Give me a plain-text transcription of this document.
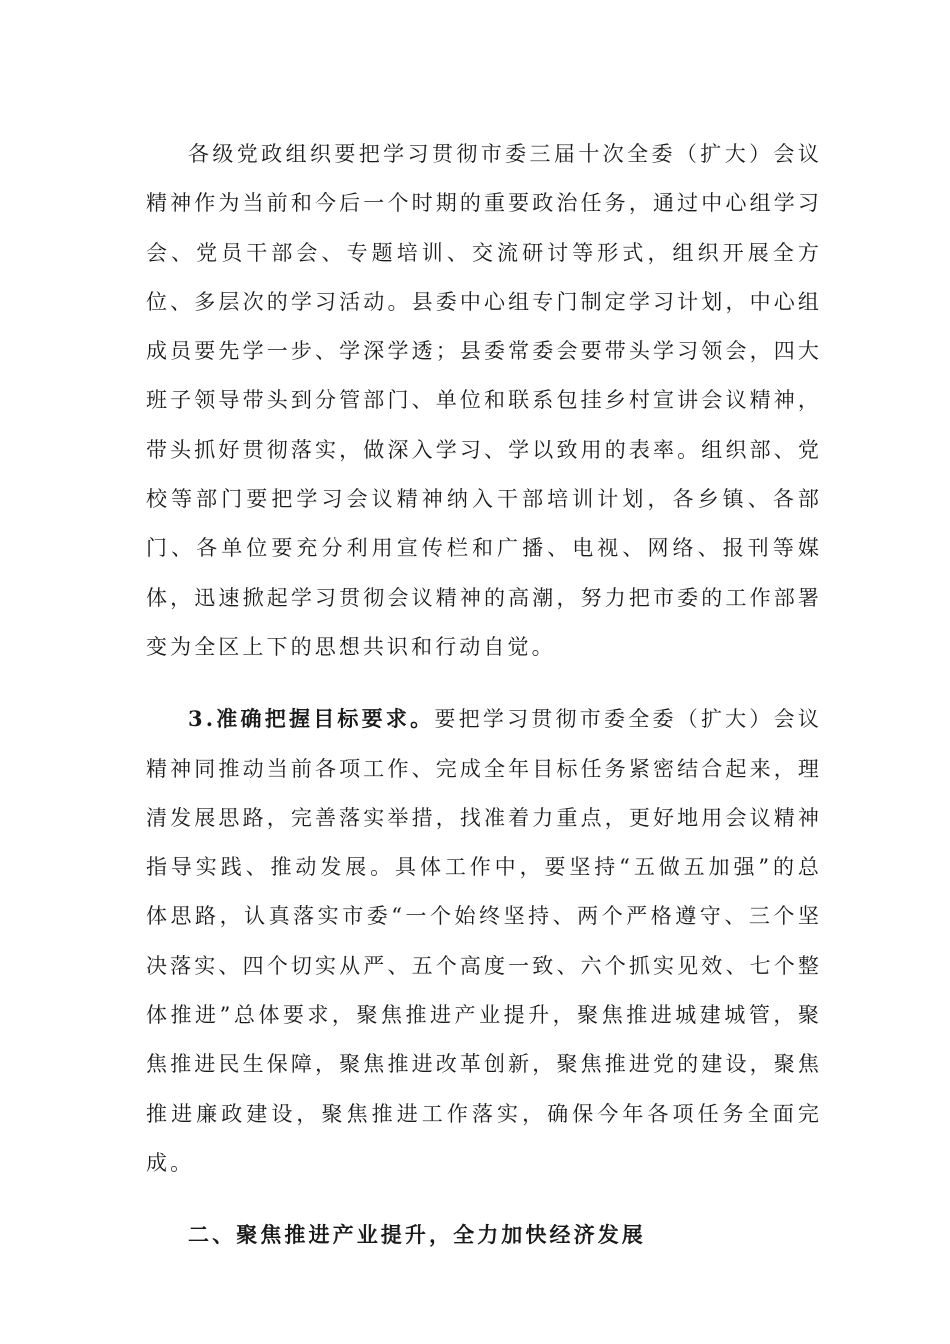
各级党政组织要把学习贯彻市委三届十次全委（扩大）会议精神作为当前和今后一个时期的重要政治任务，通过中心组学习会、党员干部会、专题培训、交流研讨等形式，组织开展全方位、多层次的学习活动。县委中心组专门制定学习计划，中心组成员要先学一步、学深学透；县委常委会要带头学习领会，四大班子领导带头到分管部门、单位和联系包挂乡村宣讲会议精神，带头抓好贯彻落实，做深入学习、学以致用的表率。组织部、党校等部门要把学习会议精神纳入干部培训计划，各乡镇、各部门、各单位要充分利用宣传栏和广播、电视、网络、报刊等媒体，迅速掀起学习贯彻会议精神的高潮，努力把市委的工作部署变为全区上下的思想共识和行动自觉。

3.准确把握目标要求。要把学习贯彻市委全委（扩大）会议精神同推动当前各项工作、完成全年目标任务紧密结合起来，理清发展思路，完善落实举措，找准着力重点，更好地用会议精神指导实践、推动发展。具体工作中，要坚持“五做五加强”的总体思路，认真落实市委“一个始终坚持、两个严格遵守、三个坚决落实、四个切实从严、五个高度一致、六个抓实见效、七个整体推进”总体要求，聚焦推进产业提升，聚焦推进城建城管，聚焦推进民生保障，聚焦推进改革创新，聚焦推进党的建设，聚焦推进廉政建设，聚焦推进工作落实，确保今年各项任务全面完成。

二、聚焦推进产业提升，全力加快经济发展
